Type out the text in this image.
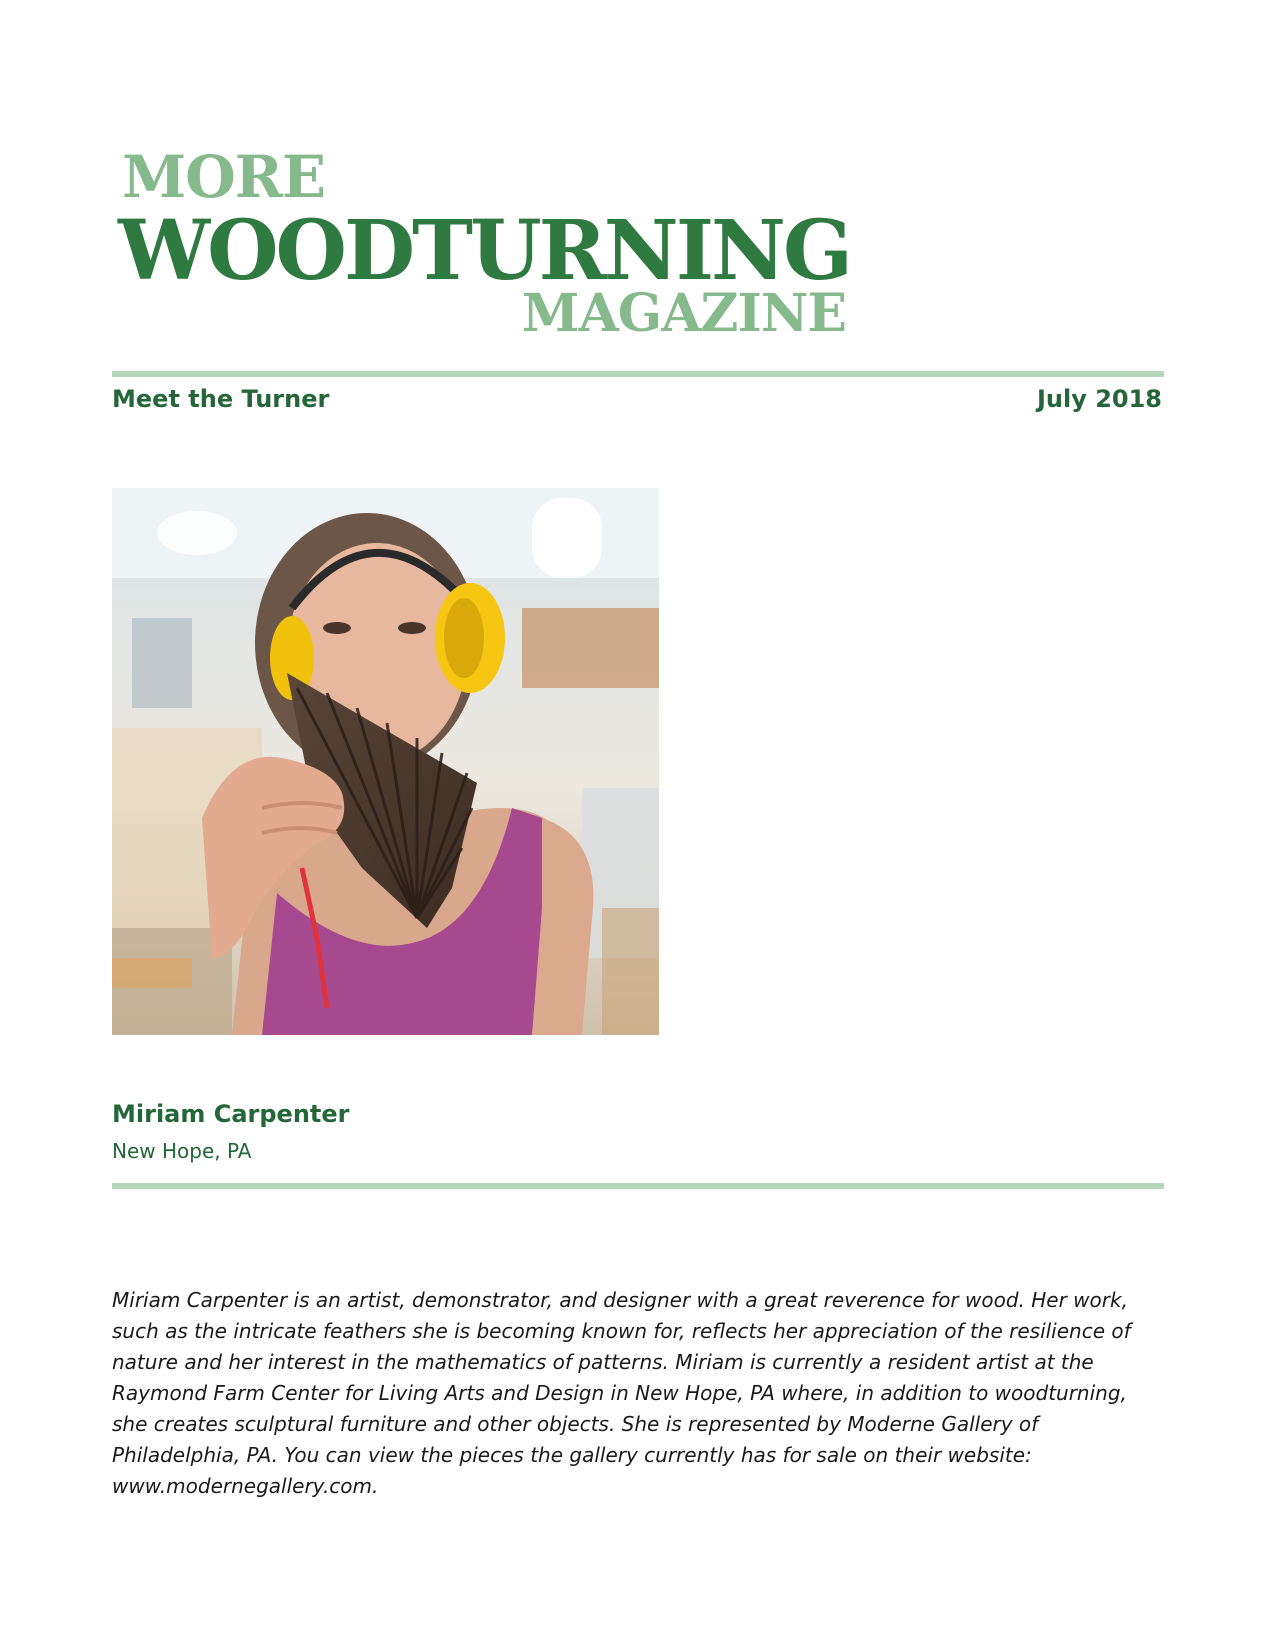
MORE
WOODTURNING
MAGAZINE
Meet the Turner	July 2018
Miriam Carpenter
New Hope, PA
Miriam Carpenter is an artist, demonstrator, and designer with a great reverence for wood. Her work,
such as the intricate feathers she is becoming known for, reflects her appreciation of the resilience of
nature and her interest in the mathematics of patterns. Miriam is currently a resident artist at the
Raymond Farm Center for Living Arts and Design in New Hope, PA where, in addition to woodturning,
she creates sculptural furniture and other objects. She is represented by Moderne Gallery of
Philadelphia, PA. You can view the pieces the gallery currently has for sale on their website:
www.modernegallery.com.
